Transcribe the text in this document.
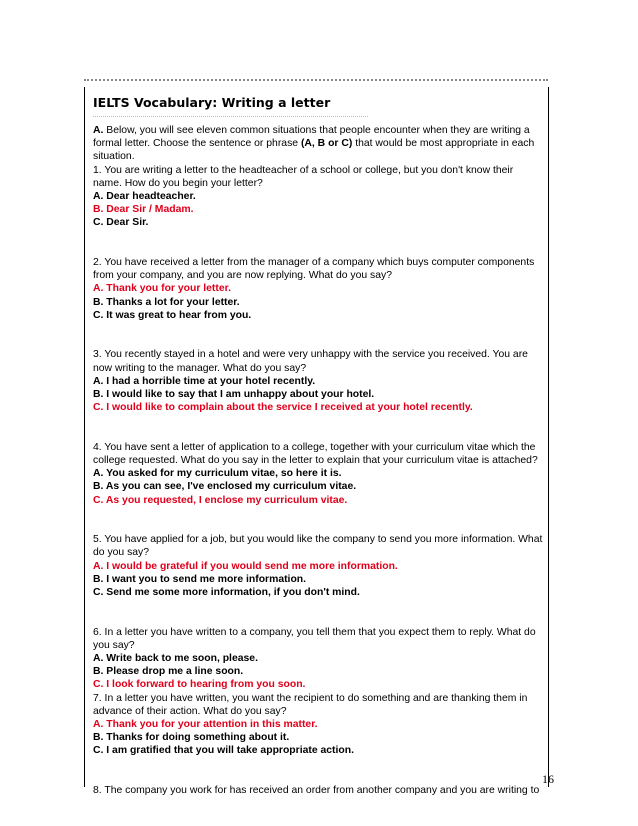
IELTS Vocabulary: Writing a letter

A. Below, you will see eleven common situations that people encounter when they are writing a formal letter. Choose the sentence or phrase (A, B or C) that would be most appropriate in each situation.

1. You are writing a letter to the headteacher of a school or college, but you don't know their name. How do you begin your letter?

A. Dear headteacher.

B. Dear Sir / Madam.

C. Dear Sir.

2. You have received a letter from the manager of a company which buys computer components from your company, and you are now replying. What do you say?

A. Thank you for your letter.

B. Thanks a lot for your letter.

C. It was great to hear from you.

3. You recently stayed in a hotel and were very unhappy with the service you received. You are now writing to the manager. What do you say?

A. I had a horrible time at your hotel recently.

B. I would like to say that I am unhappy about your hotel.

C. I would like to complain about the service I received at your hotel recently.

4. You have sent a letter of application to a college, together with your curriculum vitae which the college requested. What do you say in the letter to explain that your curriculum vitae is attached?

A. You asked for my curriculum vitae, so here it is.

B. As you can see, I've enclosed my curriculum vitae.

C. As you requested, I enclose my curriculum vitae.

5. You have applied for a job, but you would like the company to send you more information. What do you say?

A. I would be grateful if you would send me more information.

B. I want you to send me more information.

C. Send me some more information, if you don't mind.

6. In a letter you have written to a company, you tell them that you expect them to reply. What do you say?

A. Write back to me soon, please.

B. Please drop me a line soon.

C. I look forward to hearing from you soon.

7. In a letter you have written, you want the recipient to do something and are thanking them in advance of their action. What do you say?

A. Thank you for your attention in this matter.

B. Thanks for doing something about it.

C. I am gratified that you will take appropriate action.

8. The company you work for has received an order from another company and you are writing to

16
